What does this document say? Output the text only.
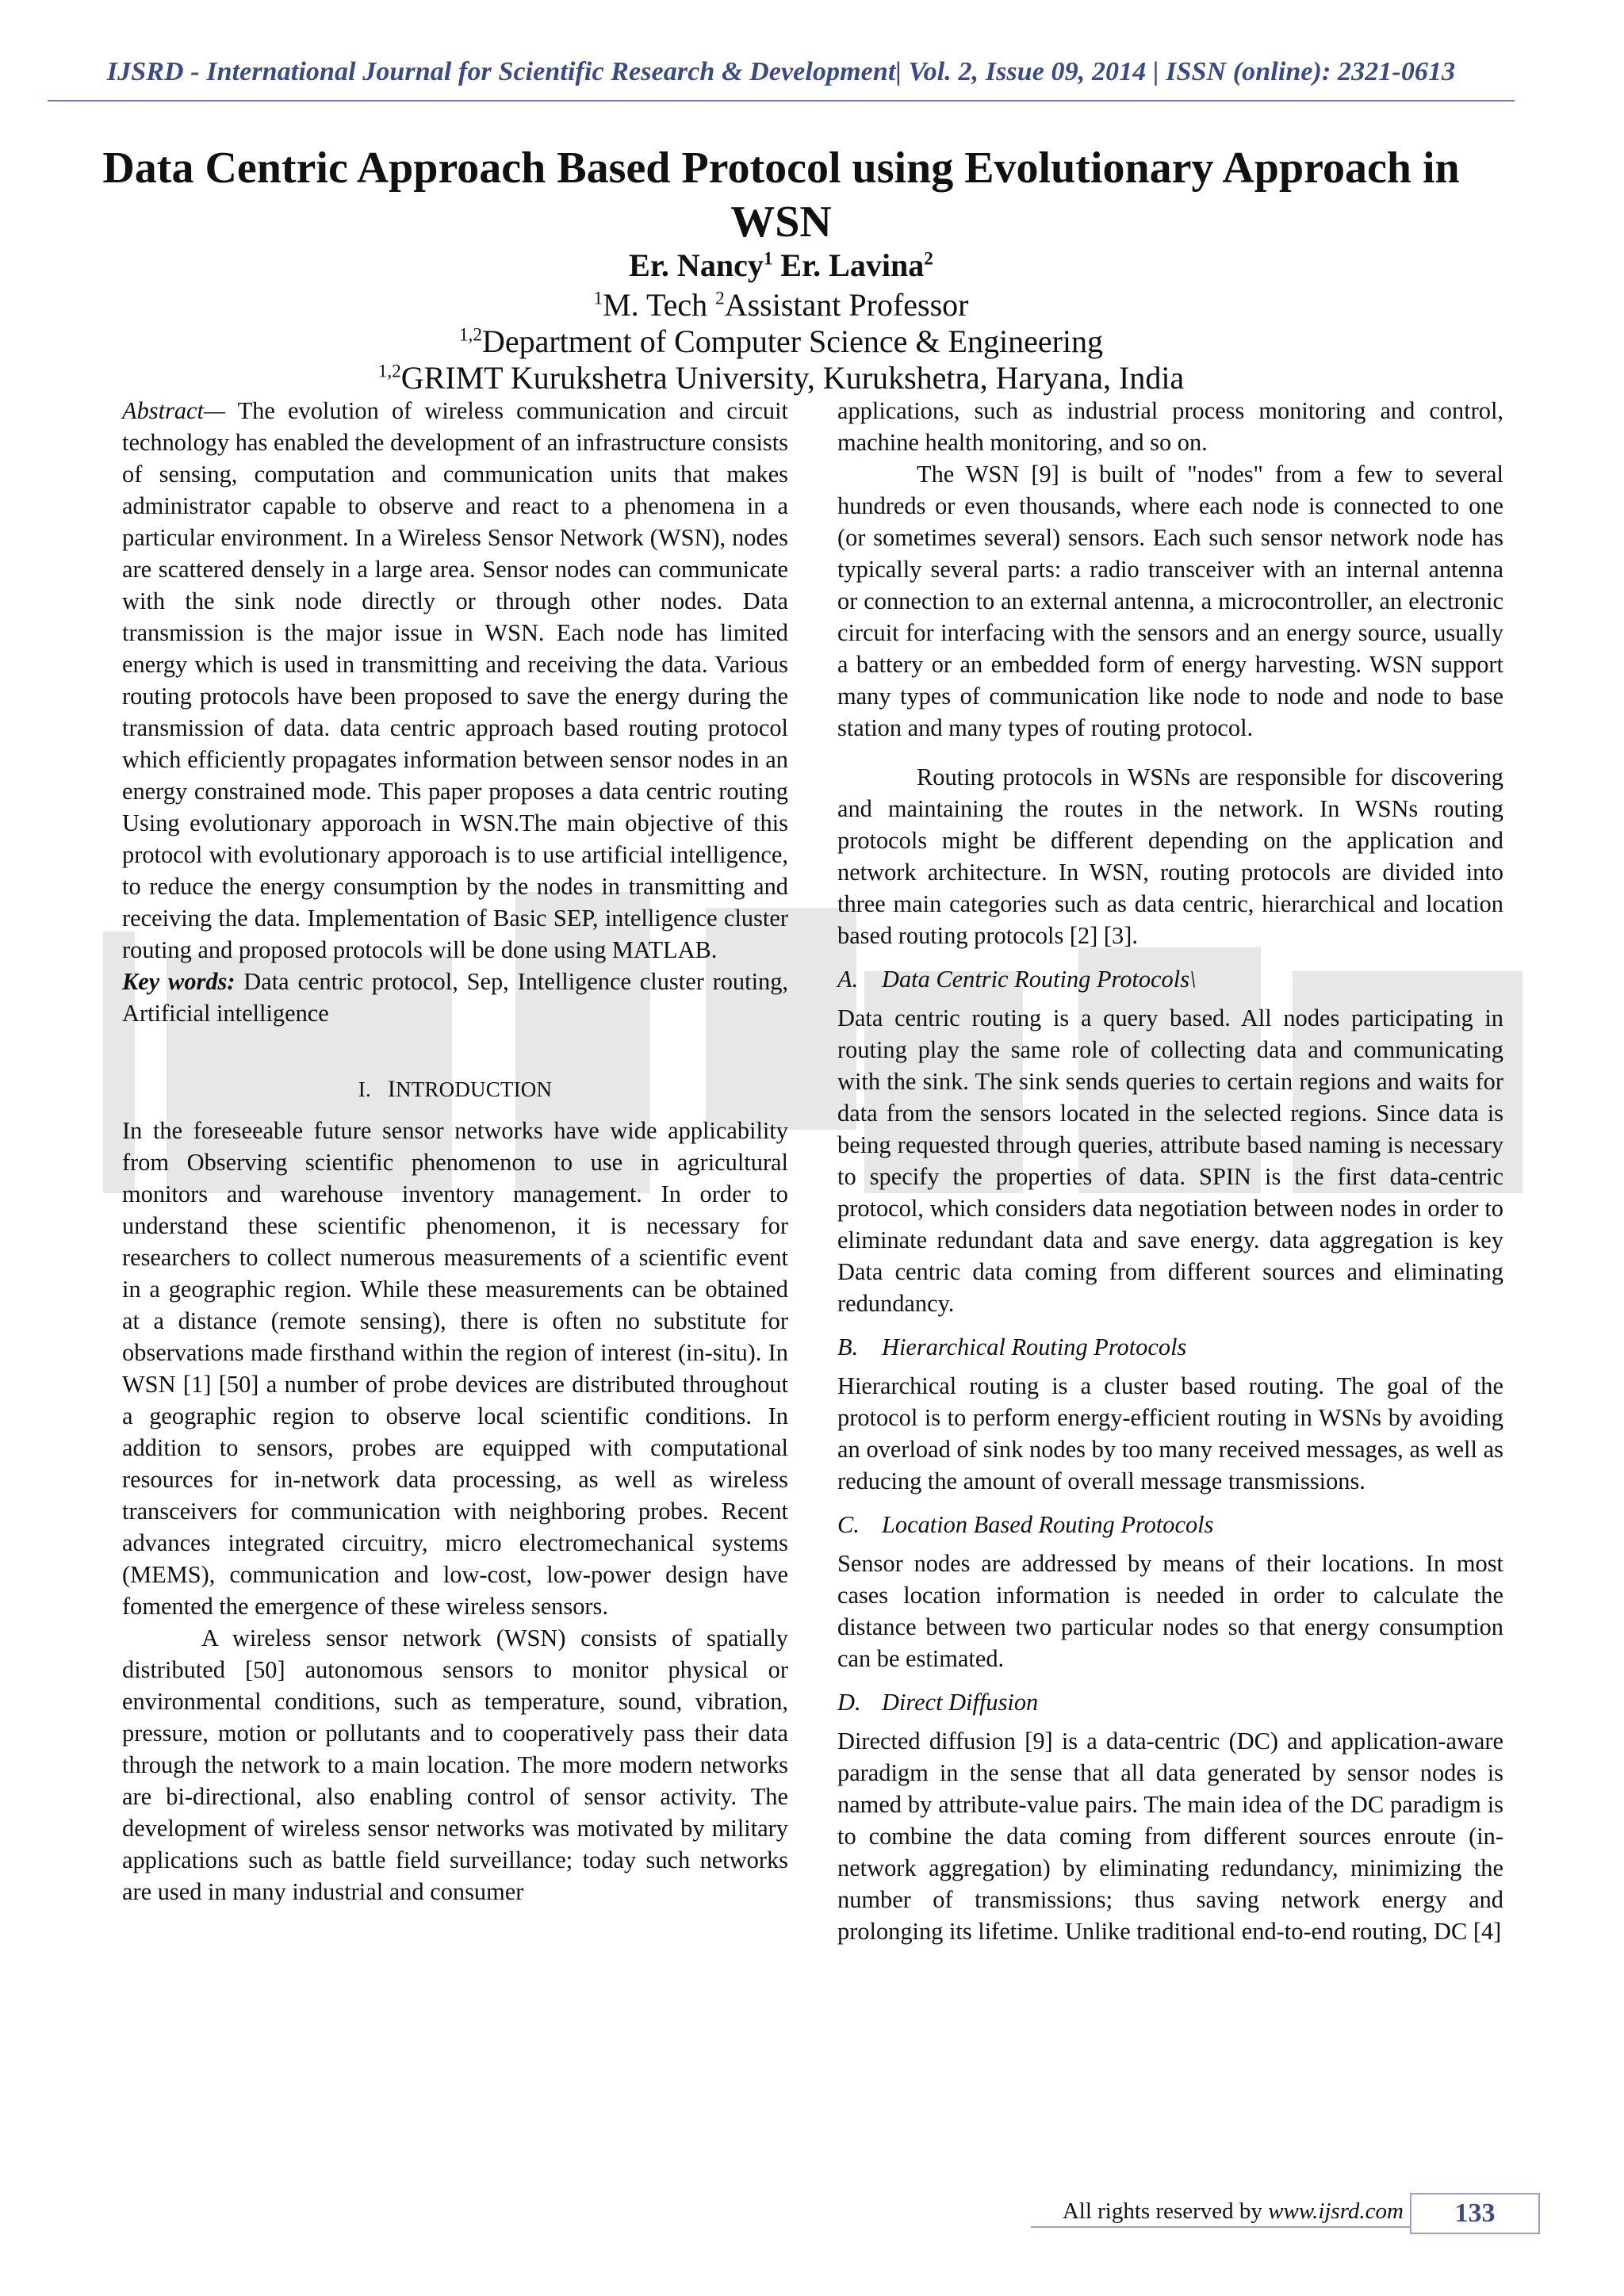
IJSRD - International Journal for Scientific Research & Development| Vol. 2, Issue 09, 2014 | ISSN (online): 2321-0613
Data Centric Approach Based Protocol using Evolutionary Approach in
WSN
Er. Nancy$^1$ Er. Lavina$^2$
$^1$M. Tech $^2$Assistant Professor
$^{1,2}$Department of Computer Science & Engineering
$^{1,2}$GRIMT Kurukshetra University, Kurukshetra, Haryana, India

Abstract— The evolution of wireless communication and circuit technology has enabled the development of an infrastructure consists of sensing, computation and communication units that makes administrator capable to observe and react to a phenomena in a particular environment. In a Wireless Sensor Network (WSN), nodes are scattered densely in a large area. Sensor nodes can communicate with the sink node directly or through other nodes. Data transmission is the major issue in WSN. Each node has limited energy which is used in transmitting and receiving the data. Various routing protocols have been proposed to save the energy during the transmission of data. data centric approach based routing protocol which efficiently propagates information between sensor nodes in an energy constrained mode. This paper proposes a data centric routing Using evolutionary apporoach in WSN.The main objective of this protocol with evolutionary apporoach is to use artificial intelligence, to reduce the energy consumption by the nodes in transmitting and receiving the data. Implementation of Basic SEP, intelligence cluster routing and proposed protocols will be done using MATLAB.

Key words: Data centric protocol, Sep, Intelligence cluster routing, Artificial intelligence

I. INTRODUCTION

In the foreseeable future sensor networks have wide applicability from Observing scientific phenomenon to use in agricultural monitors and warehouse inventory management. In order to understand these scientific phenomenon, it is necessary for researchers to collect numerous measurements of a scientific event in a geographic region. While these measurements can be obtained at a distance (remote sensing), there is often no substitute for observations made firsthand within the region of interest (in-situ). In WSN [1] [50] a number of probe devices are distributed throughout a geographic region to observe local scientific conditions. In addition to sensors, probes are equipped with computational resources for in-network data processing, as well as wireless transceivers for communication with neighboring probes. Recent advances integrated circuitry, micro electromechanical systems (MEMS), communication and low-cost, low-power design have fomented the emergence of these wireless sensors.

A wireless sensor network (WSN) consists of spatially distributed [50] autonomous sensors to monitor physical or environmental conditions, such as temperature, sound, vibration, pressure, motion or pollutants and to cooperatively pass their data through the network to a main location. The more modern networks are bi-directional, also enabling control of sensor activity. The development of wireless sensor networks was motivated by military applications such as battle field surveillance; today such networks are used in many industrial and consumer

applications, such as industrial process monitoring and control, machine health monitoring, and so on.

The WSN [9] is built of "nodes" from a few to several hundreds or even thousands, where each node is connected to one (or sometimes several) sensors. Each such sensor network node has typically several parts: a radio transceiver with an internal antenna or connection to an external antenna, a microcontroller, an electronic circuit for interfacing with the sensors and an energy source, usually a battery or an embedded form of energy harvesting. WSN support many types of communication like node to node and node to base station and many types of routing protocol.

Routing protocols in WSNs are responsible for discovering and maintaining the routes in the network. In WSNs routing protocols might be different depending on the application and network architecture. In WSN, routing protocols are divided into three main categories such as data centric, hierarchical and location based routing protocols [2] [3].

A. Data Centric Routing Protocols\

Data centric routing is a query based. All nodes participating in routing play the same role of collecting data and communicating with the sink. The sink sends queries to certain regions and waits for data from the sensors located in the selected regions. Since data is being requested through queries, attribute based naming is necessary to specify the properties of data. SPIN is the first data-centric protocol, which considers data negotiation between nodes in order to eliminate redundant data and save energy. data aggregation is key Data centric data coming from different sources and eliminating redundancy.

B. Hierarchical Routing Protocols

Hierarchical routing is a cluster based routing. The goal of the protocol is to perform energy-efficient routing in WSNs by avoiding an overload of sink nodes by too many received messages, as well as reducing the amount of overall message transmissions.

C. Location Based Routing Protocols

Sensor nodes are addressed by means of their locations. In most cases location information is needed in order to calculate the distance between two particular nodes so that energy consumption can be estimated.

D. Direct Diffusion

Directed diffusion [9] is a data-centric (DC) and application-aware paradigm in the sense that all data generated by sensor nodes is named by attribute-value pairs. The main idea of the DC paradigm is to combine the data coming from different sources enroute (in-network aggregation) by eliminating redundancy, minimizing the number of transmissions; thus saving network energy and prolonging its lifetime. Unlike traditional end-to-end routing, DC [4]

All rights reserved by www.ijsrd.com	133
